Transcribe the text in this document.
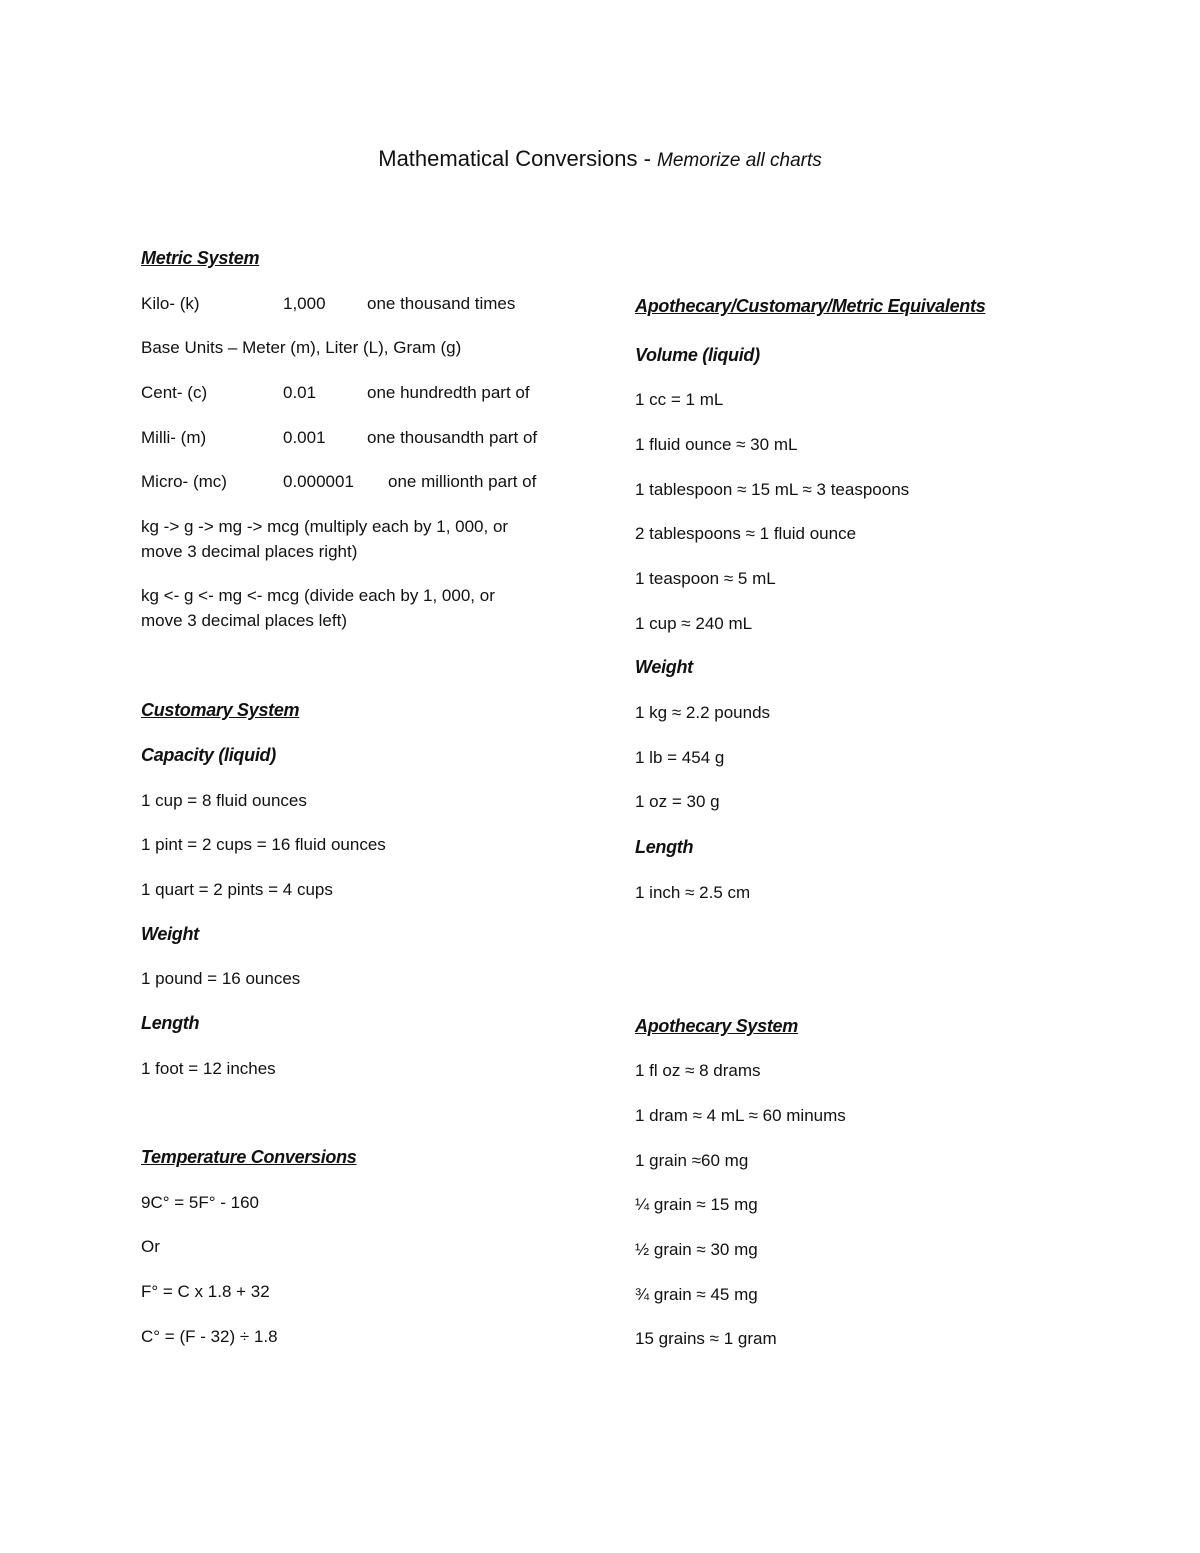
Mathematical Conversions - Memorize all charts
Metric System
Kilo- (k)	1,000 one thousand times
Base Units – Meter (m), Liter (L), Gram (g)
Cent- (c)	0.01	one hundredth part of
Milli- (m)	0.001 one thousandth part of
Micro- (mc)	0.000001 one millionth part of
kg -> g -> mg -> mcg (multiply each by 1, 000, or
move 3 decimal places right)
kg <- g <- mg <- mcg (divide each by 1, 000, or
move 3 decimal places left)
Customary System
Capacity (liquid)
1 cup = 8 fluid ounces
1 pint = 2 cups = 16 fluid ounces
1 quart = 2 pints = 4 cups
Weight
1 pound = 16 ounces
Length
1 foot = 12 inches
Temperature Conversions
9C° = 5F° - 160
Or
F° = C x 1.8 + 32
C° = (F - 32) ÷ 1.8
Apothecary/Customary/Metric Equivalents
Volume (liquid)
1 cc = 1 mL
1 fluid ounce ≈ 30 mL
1 tablespoon ≈ 15 mL ≈ 3 teaspoons
2 tablespoons ≈ 1 fluid ounce
1 teaspoon ≈ 5 mL
1 cup ≈ 240 mL
Weight
1 kg ≈ 2.2 pounds
1 lb = 454 g
1 oz = 30 g
Length
1 inch ≈ 2.5 cm
Apothecary System
1 fl oz ≈ 8 drams
1 dram ≈ 4 mL ≈ 60 minums
1 grain ≈60 mg
¼ grain ≈ 15 mg
½ grain ≈ 30 mg
¾ grain ≈ 45 mg
15 grains ≈ 1 gram
